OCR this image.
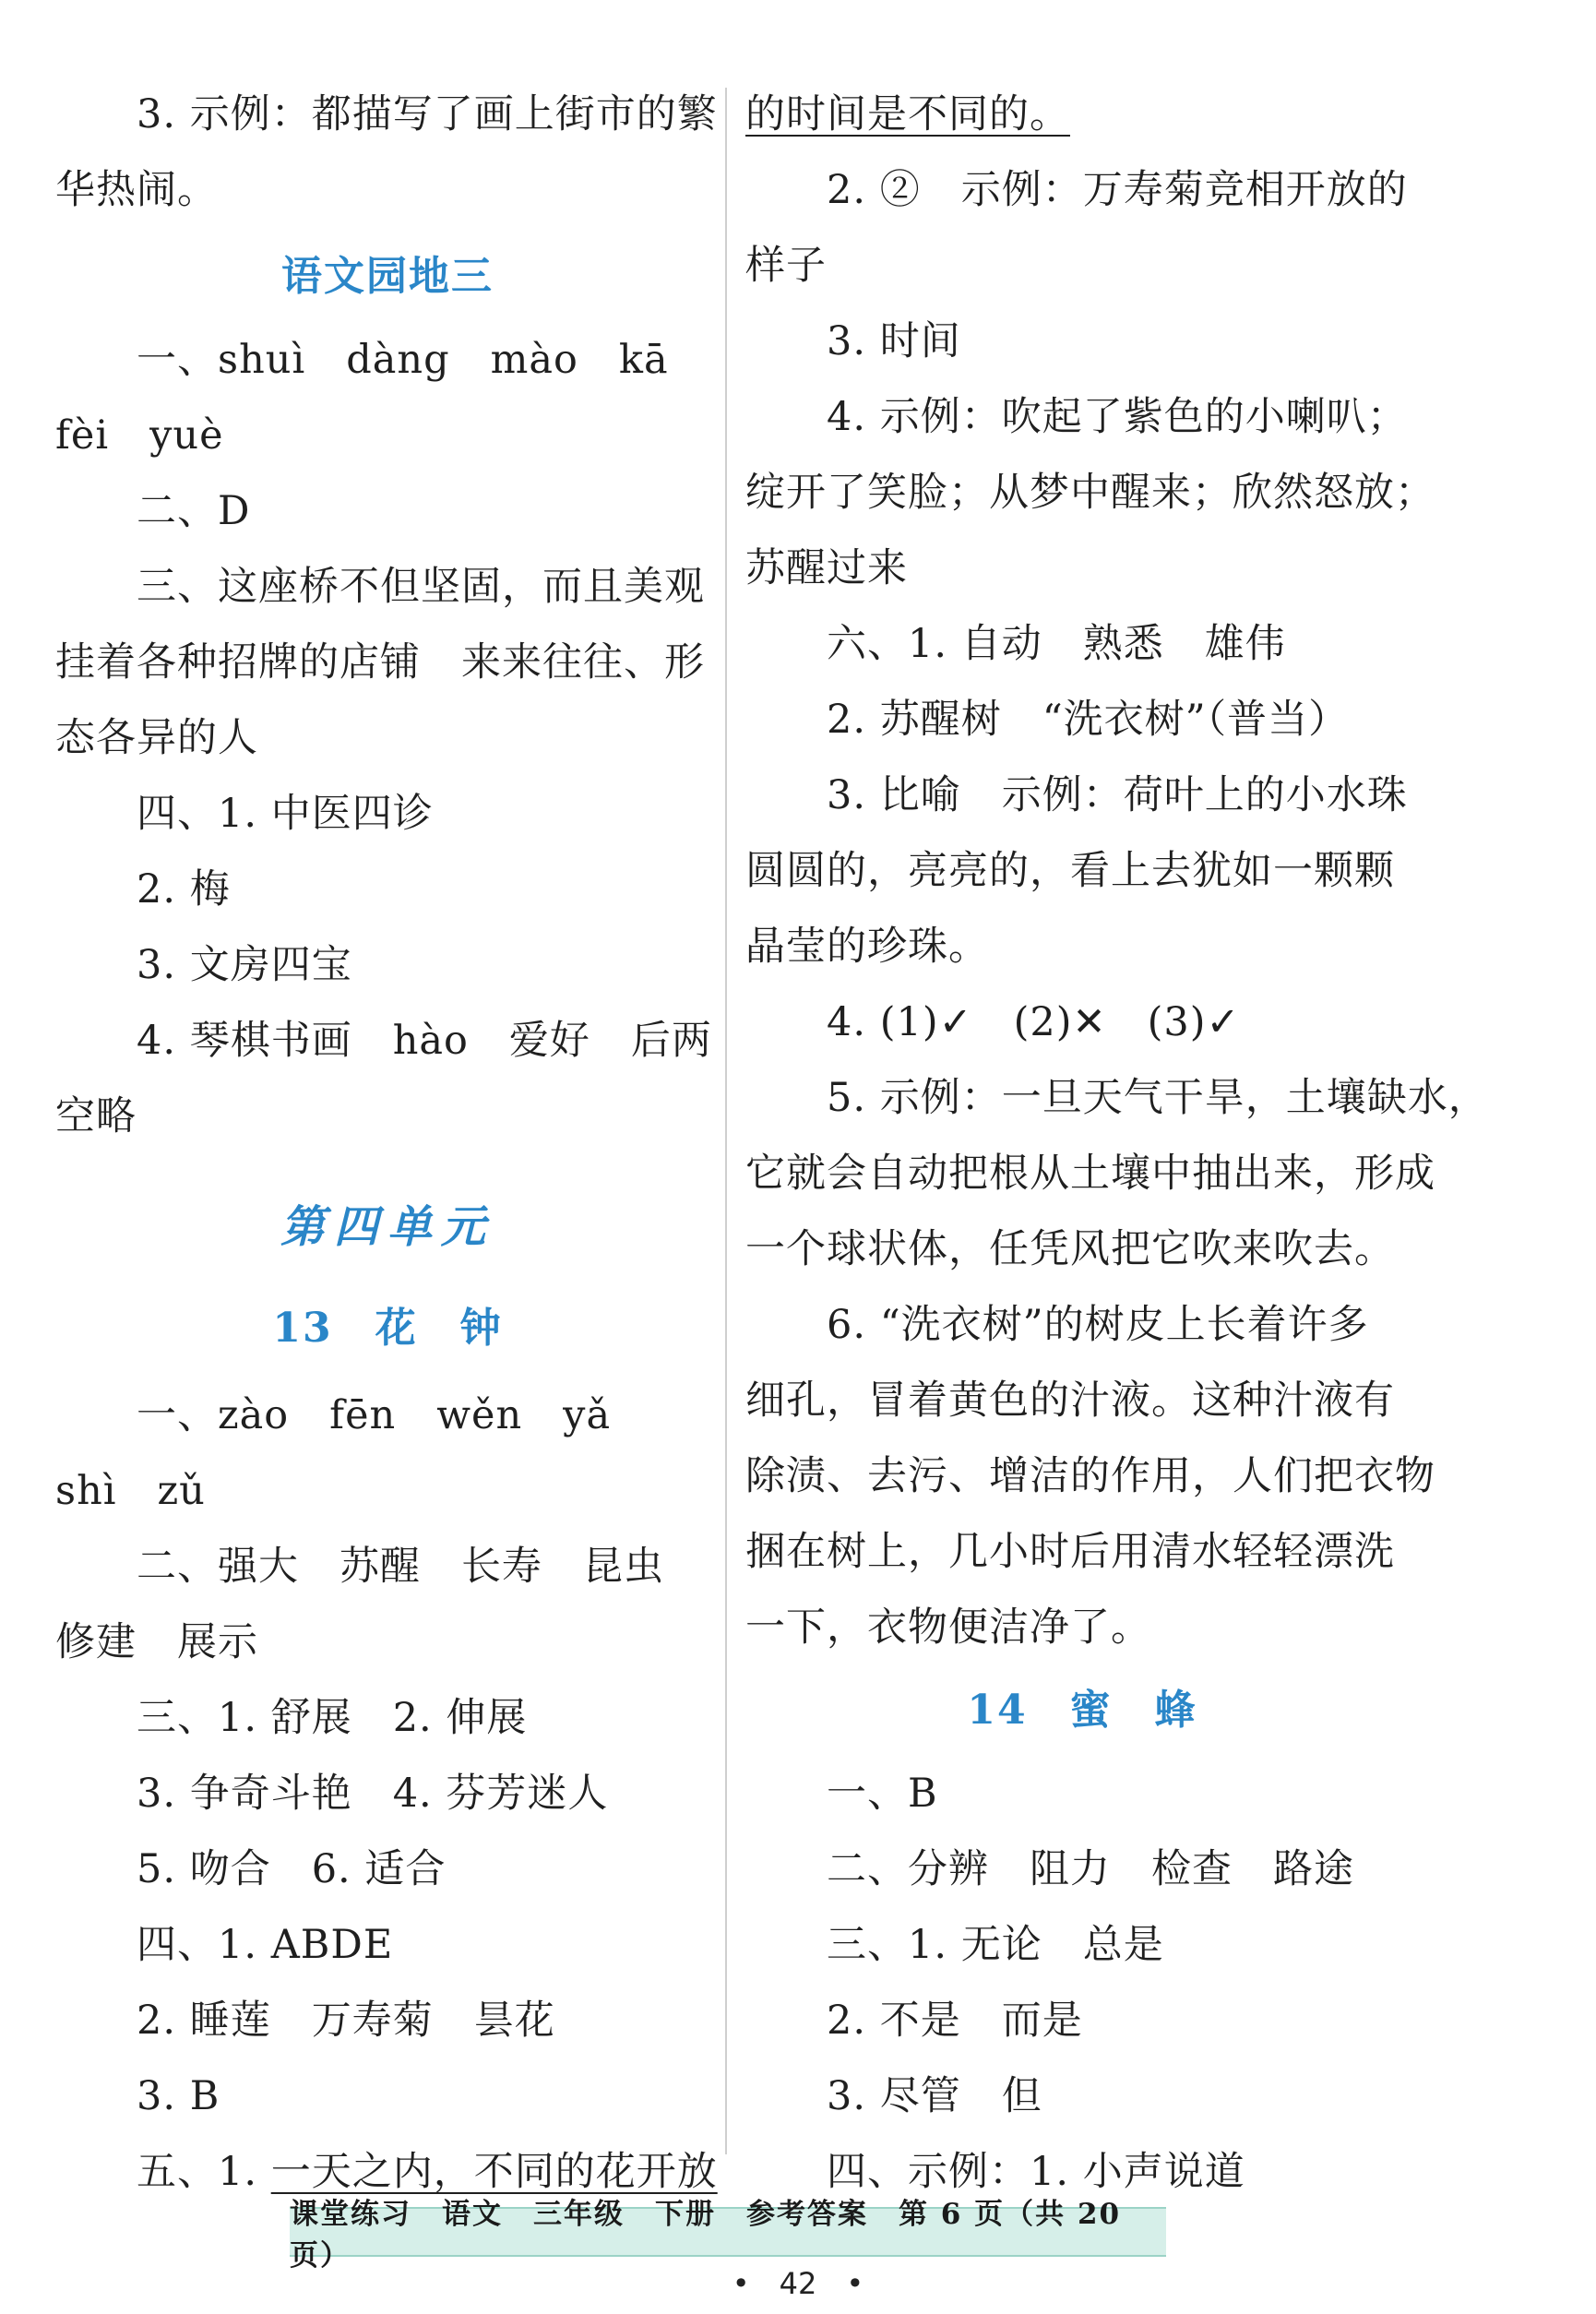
3. 示例：都描写了画上街市的繁
华热闹。
语文园地三
一、shuì　dàng　mào　kā
fèi　yuè
二、D
三、这座桥不但坚固，而且美观
挂着各种招牌的店铺　来来往往、形
态各异的人
四、1. 中医四诊
2. 梅
3. 文房四宝
4. 琴棋书画　hào　爱好　后两
空略
第四单元
13　花　钟
一、zào　fēn　wěn　yǎ
shì　zǔ
二、强大　苏醒　长寿　昆虫
修建　展示
三、1. 舒展　2. 伸展
3. 争奇斗艳　4. 芬芳迷人
5. 吻合　6. 适合
四、1. ABDE
2. 睡莲　万寿菊　昙花
3. B
五、1. 一天之内，不同的花开放
的时间是不同的。
2. ②　示例：万寿菊竞相开放的
样子
3. 时间
4. 示例：吹起了紫色的小喇叭；
绽开了笑脸；从梦中醒来；欣然怒放；
苏醒过来
六、1. 自动　熟悉　雄伟
2. 苏醒树　“洗衣树”（普当）
3. 比喻　示例：荷叶上的小水珠
圆圆的，亮亮的，看上去犹如一颗颗
晶莹的珍珠。
4. (1)✓　(2)✕　(3)✓
5. 示例：一旦天气干旱，土壤缺水，
它就会自动把根从土壤中抽出来，形成
一个球状体，任凭风把它吹来吹去。
6. “洗衣树”的树皮上长着许多
细孔，冒着黄色的汁液。这种汁液有
除渍、去污、增洁的作用，人们把衣物
捆在树上，几小时后用清水轻轻漂洗
一下，衣物便洁净了。
14　蜜　蜂
一、B
二、分辨　阻力　检查　路途
三、1. 无论　总是
2. 不是　而是
3. 尽管　但
四、示例：1. 小声说道
课堂练习　语文　三年级　下册　参考答案　第 6 页（共 20 页）
•　42　•
